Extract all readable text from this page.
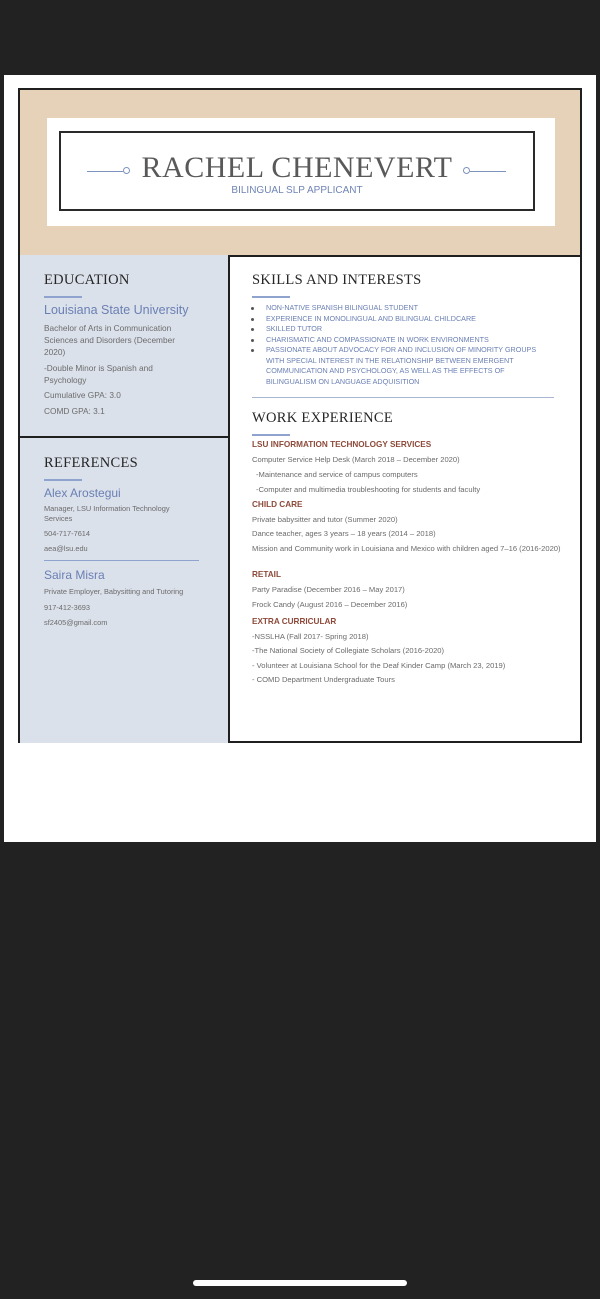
RACHEL CHENEVERT
BILINGUAL SLP APPLICANT
EDUCATION
Louisiana State University
Bachelor of Arts in Communication Sciences and Disorders (December 2020)
-Double Minor is Spanish and Psychology
Cumulative GPA: 3.0
COMD GPA: 3.1
REFERENCES
Alex Arostegui
Manager, LSU Information Technology Services
504-717-7614
aea@lsu.edu
Saira Misra
Private Employer, Babysitting and Tutoring
917-412-3693
sf2405@gmail.com
SKILLS AND INTERESTS
NON-NATIVE SPANISH BILINGUAL STUDENT
EXPERIENCE IN MONOLINGUAL AND BILINGUAL CHILDCARE
SKILLED TUTOR
CHARISMATIC AND COMPASSIONATE IN WORK ENVIRONMENTS
PASSIONATE ABOUT ADVOCACY FOR AND INCLUSION OF MINORITY GROUPS WITH SPECIAL INTEREST IN THE RELATIONSHIP BETWEEN EMERGENT COMMUNICATION AND PSYCHOLOGY, AS WELL AS THE EFFECTS OF BILINGUALISM ON LANGUAGE ADQUISITION
WORK EXPERIENCE
LSU INFORMATION TECHNOLOGY SERVICES
Computer Service Help Desk (March 2018 – December 2020)
-Maintenance and service of campus computers
-Computer and multimedia troubleshooting for students and faculty
CHILD CARE
Private babysitter and tutor (Summer 2020)
Dance teacher, ages 3 years – 18 years (2014 – 2018)
Mission and Community work in Louisiana and Mexico with children aged 7–16 (2016-2020)
RETAIL
Party Paradise (December 2016 – May 2017)
Frock Candy (August 2016 – December 2016)
EXTRA CURRICULAR
-NSSLHA (Fall 2017- Spring 2018)
-The National Society of Collegiate Scholars (2016-2020)
- Volunteer at Louisiana School for the Deaf Kinder Camp (March 23, 2019)
- COMD Department Undergraduate Tours
